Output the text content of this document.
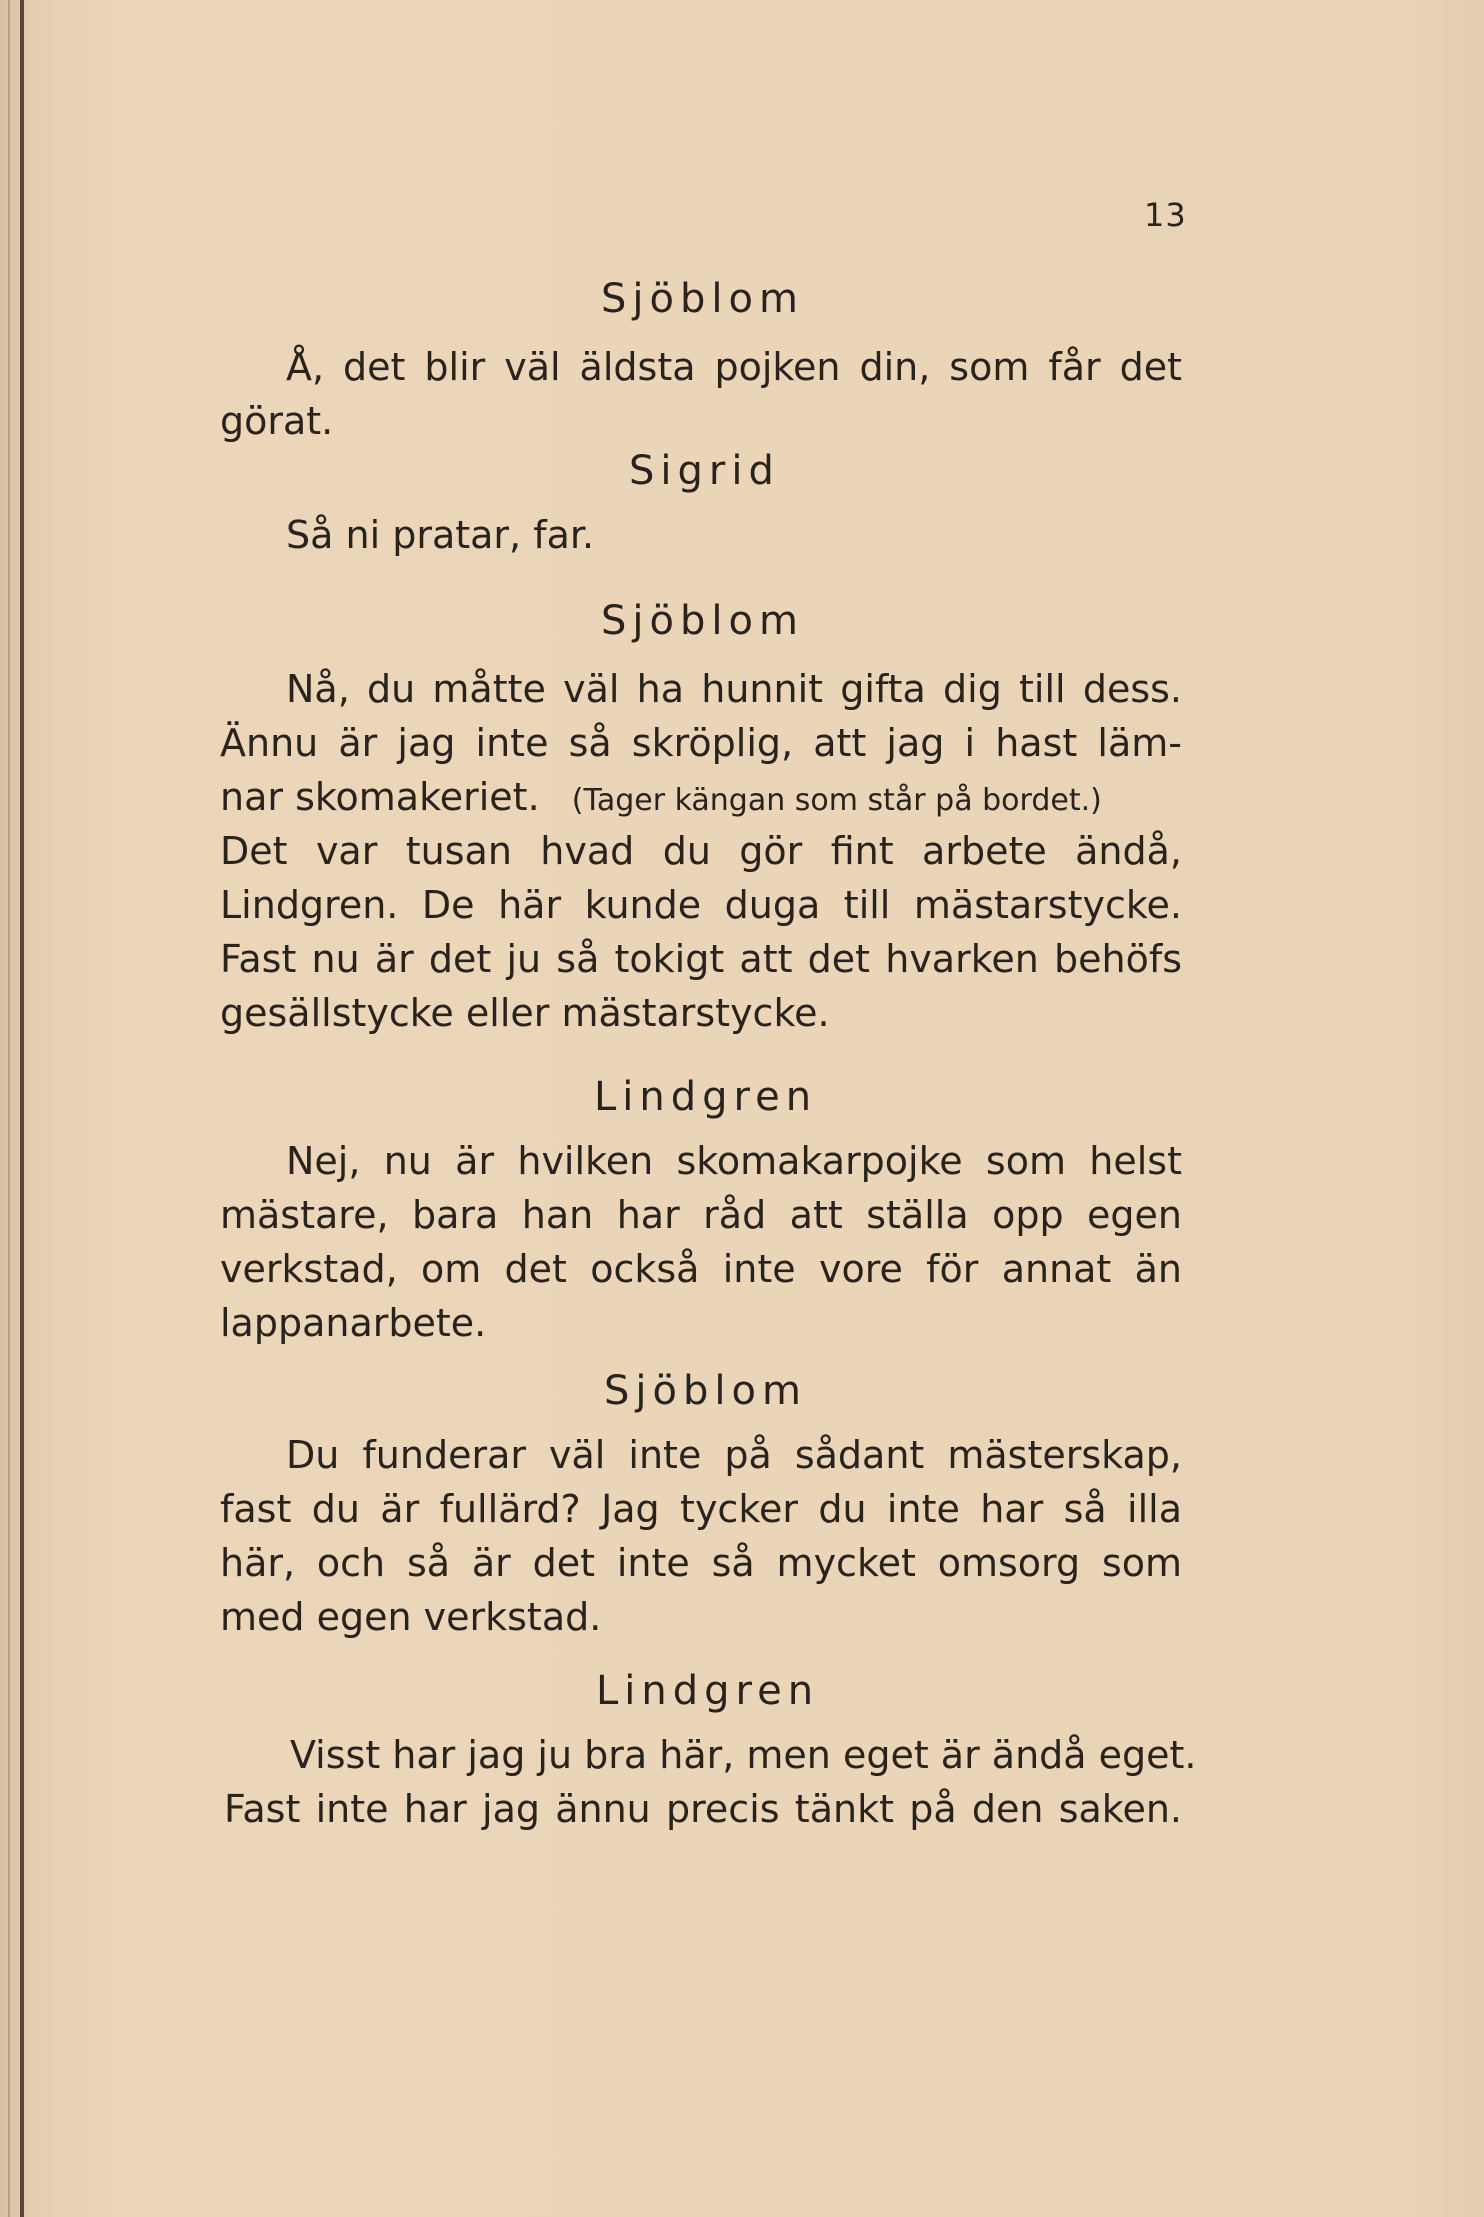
13
Sjöblom
Å, det blir väl äldsta pojken din, som får det
görat.
Sigrid
Så ni pratar, far.
Sjöblom
Nå, du måtte väl ha hunnit gifta dig till dess.
Ännu är jag inte så skröplig, att jag i hast läm-
nar skomakeriet. (Tager kängan som står på bordet.)
Det var tusan hvad du gör fint arbete ändå,
Lindgren. De här kunde duga till mästarstycke.
Fast nu är det ju så tokigt att det hvarken behöfs
gesällstycke eller mästarstycke.
Lindgren
Nej, nu är hvilken skomakarpojke som helst
mästare, bara han har råd att ställa opp egen
verkstad, om det också inte vore för annat än
lappanarbete.
Sjöblom
Du funderar väl inte på sådant mästerskap,
fast du är fullärd? Jag tycker du inte har så illa
här, och så är det inte så mycket omsorg som
med egen verkstad.
Lindgren
Visst har jag ju bra här, men eget är ändå eget.
Fast inte har jag ännu precis tänkt på den saken.
